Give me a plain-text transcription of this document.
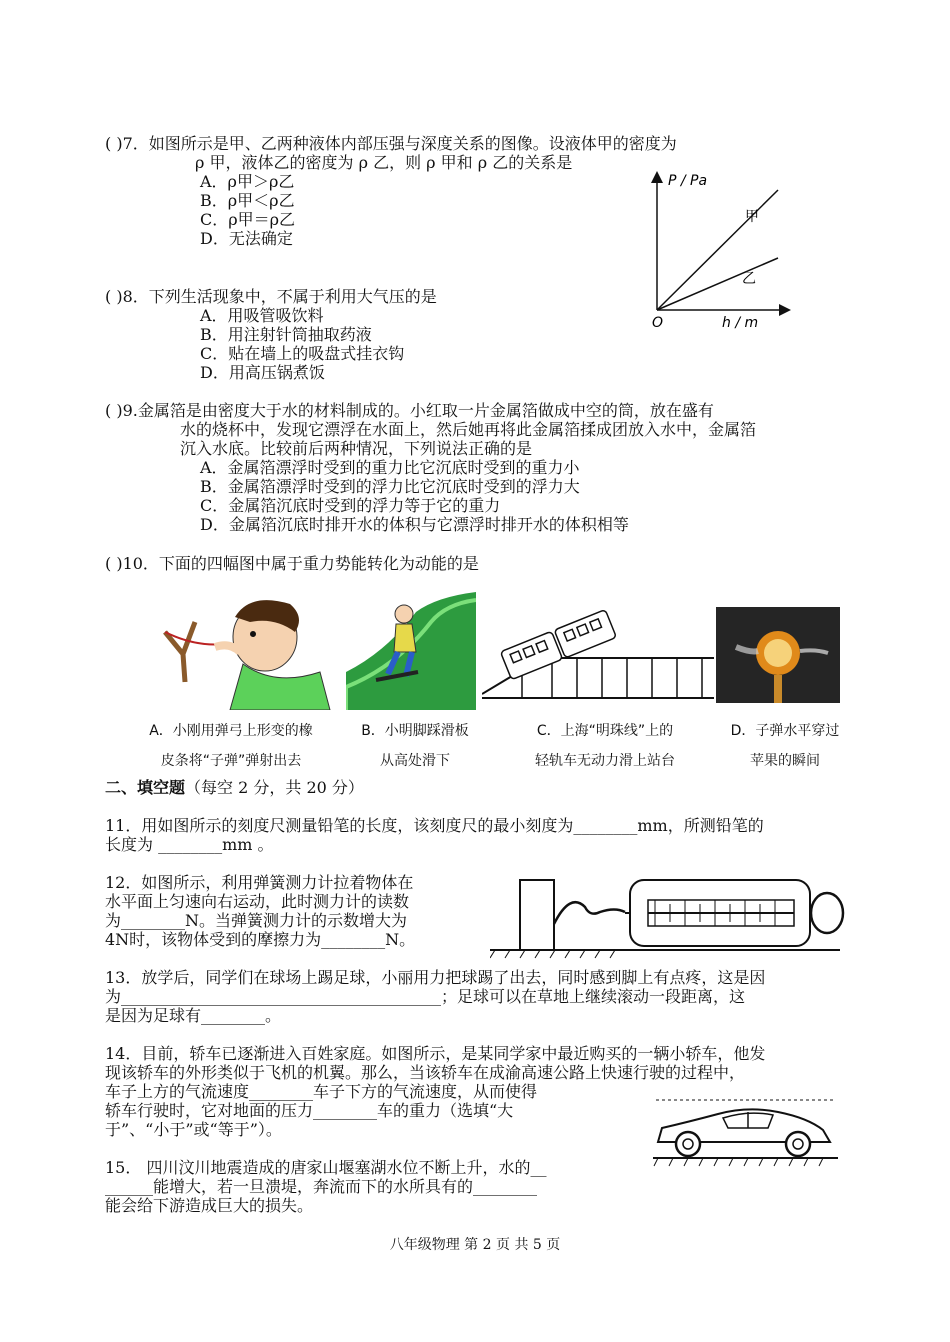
( )7．如图所示是甲、乙两种液体内部压强与深度关系的图像。设液体甲的密度为
ρ 甲，液体乙的密度为 ρ 乙，则 ρ 甲和 ρ 乙的关系是
A．ρ甲＞ρ乙
B．ρ甲＜ρ乙
C．ρ甲＝ρ乙
D．无法确定
P / Pa
h / m
O
甲
乙
( )8．下列生活现象中，不属于利用大气压的是
A．用吸管吸饮料
B．用注射针筒抽取药液
C．贴在墙上的吸盘式挂衣钩
D．用高压锅煮饭
( )9.金属箔是由密度大于水的材料制成的。小红取一片金属箔做成中空的筒，放在盛有
水的烧杯中，发现它漂浮在水面上，然后她再将此金属箔揉成团放入水中，金属箔
沉入水底。比较前后两种情况，下列说法正确的是
A．金属箔漂浮时受到的重力比它沉底时受到的重力小
B．金属箔漂浮时受到的浮力比它沉底时受到的浮力大
C．金属箔沉底时受到的浮力等于它的重力
D．金属箔沉底时排开水的体积与它漂浮时排开水的体积相等
( )10．下面的四幅图中属于重力势能转化为动能的是
A．小刚用弹弓上形变的橡
皮条将“子弹”弹射出去
B．小明脚踩滑板
从高处滑下
C．上海“明珠线”上的
轻轨车无动力滑上站台
D．子弹水平穿过
苹果的瞬间
二、填空题（每空 2 分，共 20 分）
11．用如图所示的刻度尺测量铅笔的长度，该刻度尺的最小刻度为________mm，所测铅笔的
长度为 ________mm 。
12．如图所示，利用弹簧测力计拉着物体在
水平面上匀速向右运动，此时测力计的读数
为________N。当弹簧测力计的示数增大为
4N时，该物体受到的摩擦力为________N。
13．放学后，同学们在球场上踢足球，小丽用力把球踢了出去，同时感到脚上有点疼，这是因
为________________________________________；足球可以在草地上继续滚动一段距离，这
是因为足球有________。
14．目前，轿车已逐渐进入百姓家庭。如图所示，是某同学家中最近购买的一辆小轿车，他发
现该轿车的外形类似于飞机的机翼。那么，当该轿车在成渝高速公路上快速行驶的过程中，
车子上方的气流速度________车子下方的气流速度，从而使得
轿车行驶时，它对地面的压力________车的重力（选填“大
于”、“小于”或“等于”）。
15． 四川汶川地震造成的唐家山堰塞湖水位不断上升，水的__
______能增大，若一旦溃堤，奔流而下的水所具有的________
能会给下游造成巨大的损失。
八年级物理 第 2 页 共 5 页
